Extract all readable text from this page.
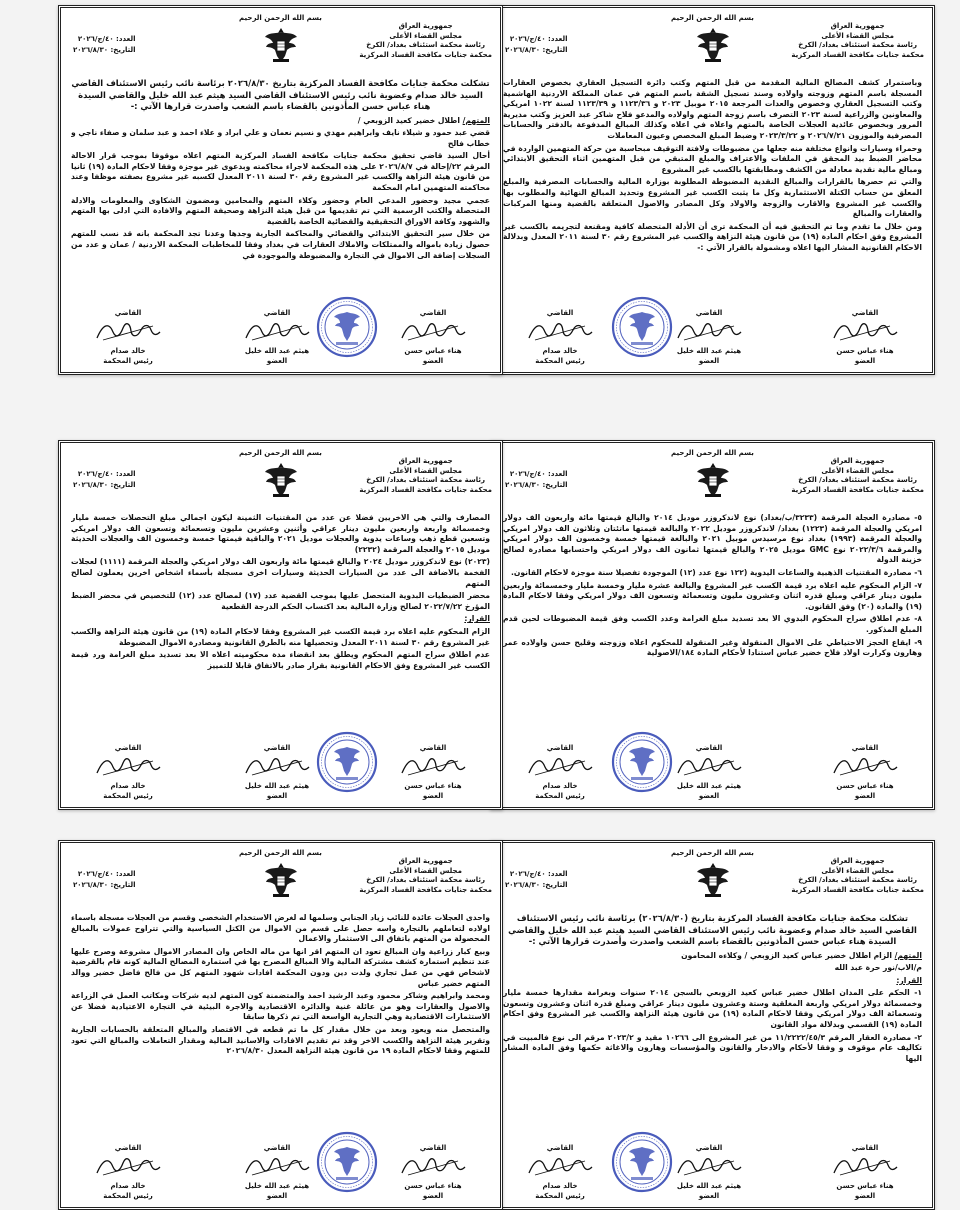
بسم الله الرحمن الرحيم
جمهورية العراق
مجلس القضاء الأعلى
رئاسة محكمة استئناف بغداد/ الكرخ
محكمة جنايات مكافحة الفساد المركزية
العدد: ٤٠/ج/٢٠٢٦
التاريخ: ٢٠٢٦/٨/٣٠

وباستمرار كشف المصالح المالية المقدمة من قبل المتهم وكتب دائرة التسجيل العقاري بخصوص العقارات المسجلة باسم المتهم وزوجته واولاده وسند تسجيل الشقة باسم المتهم في عمان المملكة الاردنية الهاشمية وكتب التسجيل العقاري وخصوص والعدات المرجعة ٢٠١٥ موبيل ٢٠٢٣ و ١١٢٣/٣٦ و ١١٢٣/٣٩ لسنة ١٠٢٢ امريكي والمعاونين والزراعية لسنة ٢٠٢٣ التصرف باسم زوجة المتهم واولاده والمدعو فلاح شاكر عبد العزيز وكتب مديرية المرور وبخصوص عائدية العجلات الخاصة بالمتهم واعلاه في اعلاه وكذلك المبالغ المدفوعة بالدفتر والحسابات المصرفية والموزون ٢٠٢٦/٧/٢١ و ٢٠٢٣/٣/٢٢ وضبط المبلغ المخصص وعيون المعاملات

وحمراء وسيارات وانواع مختلفة منه جعلها من مضبوطات ولافتة التوقيف مبحاسبة من حركة المتهمين الواردة في محاضر الضبط بيد المحقق في الملفات والاعتراف والمبلغ المتبقي من قبل المتهمين اثناء التحقيق الابتدائي ومبالغ مالية نقدية معادلة من الكشف ومطابقتها بالكسب غير المشروع

والتي تم حصرها بالقرارات والمبالغ النقدية المضبوطة المطلوبة بوزارة المالية والحسابات المصرفية والمبلغ المعلق من حساب الكتلة الاستثمارية وكل ما يثبت الكسب غير المشروع وتحديد المبالغ النهائية والمطلوب بها والكسب غير المشروع والاقارب والزوجة والاولاد وكل المصادر والاصول المتعلقة بالقضية ومنها المركبات والعقارات والمبالغ

ومن خلال ما تقدم وما تم التحقيق فيه أن المحكمة ترى أن الأدلة المتحصلة كافية ومقنعة لتجريمه بالكسب غير المشروع وفق احكام المادة (١٩) من قانون هيئة النزاهة والكسب غير المشروع رقم ٣٠ لسنة ٢٠١١ المعدل وبدلالة الاحكام القانونية المشار اليها اعلاه ومشمولة بالقرار الآتي :-

القاضي
هناء عباس حسن
العضو
القاضي
هيثم عبد الله خليل
العضو
القاضي
خالد صدام
رئيس المحكمة
بسم الله الرحمن الرحيم
جمهورية العراق
مجلس القضاء الأعلى
رئاسة محكمة استئناف بغداد/ الكرخ
محكمة جنايات مكافحة الفساد المركزية
العدد: ٤٠/ج/٢٠٢٦
التاريخ: ٢٠٢٦/٨/٣٠
تشكلت محكمة جنايات مكافحة الفساد المركزية بتاريخ ٢٠٢٦/٨/٣٠ برئاسة نائب رئيس الاستئناف القاضي السيد خالد صدام وعضوية نائب رئيس الاستئناف القاضي السيد هيثم عبد الله خليل والقاضي السيدة هناء عباس حسن المأذونين بالقضاء باسم الشعب واصدرت قرارها الآتي :-

المتهم/ اطلال خضير كعيد الزوبعي /

قضي عبد حمود و شيلاء نايف وابراهيم مهدي و نسيم نعمان و علي ابراد و علاء احمد و عبد سلمان و صفاء ناجي و خطاب فالح

أحال السيد قاضي تحقيق محكمة جنايات مكافحة الفساد المركزية المتهم اعلاه موقوفا بموجب قرار الاحالة المرقم ٢٢/إحالة في ٢٠٢٦/٨/٧ على هذه المحكمة لاجراء محاكمته وبدعوى غير موجزة وفقا لاحكام المادة (١٩) ثانيا من قانون هيئة النزاهة والكسب غير المشروع رقم ٣٠ لسنة ٢٠١١ المعدل لكسبه غير مشروع بصفته موظفا وعند محاكمته المتهمين امام المحكمة

عجمي مجيد وحضور المدعي العام وحضور وكلاء المتهم والمحامين ومضمون الشكاوى والمعلومات والادلة المتحصلة والكتب الرسمية التي تم تقديمها من قبل هيئة النزاهة وصحيفة المتهم والافادة التي ادلى بها المتهم والشهود وكافة الاوراق التحقيقية والقضائية الخاصة بالقضية

من خلال سير التحقيق الابتدائي والقضائي والمحاكمة الجارية وجدها وعدنا تجد المحكمة بانه قد نسب للمتهم حصول زيادة بامواله والممتلكات والاملاك العقارات في بغداد وفقا للمخاطبات المحكمة الاردنية / عمان و عدد من السجلات إضافة الى الاموال في التجارة والمضبوطة والموجودة في

القاضي
هناء عباس حسن
العضو
القاضي
هيثم عبد الله خليل
العضو
القاضي
خالد صدام
رئيس المحكمة
بسم الله الرحمن الرحيم
جمهورية العراق
مجلس القضاء الأعلى
رئاسة محكمة استئناف بغداد/ الكرخ
محكمة جنايات مكافحة الفساد المركزية
العدد: ٤٠/ج/٢٠٢٦
التاريخ: ٢٠٢٦/٨/٣٠

٥- مصادرة العجلة المرقمة (٣٢٣٣/ب/بغداد) نوع لاندكروزر موديل ٢٠١٤ والبالغ قيمتها مائة واربعون الف دولار امريكي والعجلة المرقمة (١٢٢٣) بغداد/ لاندكروزر موديل ٢٠٢٢ والبالغة قيمتها ماتئتان وثلاثون الف دولار امريكي والعجلة المرقمة (١٩٩٣) بغداد نوع مرسيدس موبيل ٢٠٢١ والبالغة قيمتها خمسة وخمسون الف دولار امريكي والمرقمة ٢٠٢٢/٣/٦ نوع GMC موديل ٢٠٢٥ والبالغ قيمتها ثمانون الف دولار امريكي واحتسابها مصادرة لصالح خزينة الدولة

٦- مصادرة المقتنيات الذهبية والساعات اليدوية (١٢٢ نوع عدد (١٢) الموجودة تفصيلا سنة موجزة لاحكام القانون.

٧- الزام المحكوم عليه اعلاه برد قيمة الكسب غير المشروع والبالغة عشرة مليار وخمسة مليار وخمسمائة واربعين مليون دينار عراقي ومبلغ قدره اثنان وعشرون مليون وتسعمائة وتسعون الف دولار امريكي وفقا لاحكام المادة (١٩) والمادة (٢٠) وفق القانون.

٨- عدم اطلاق سراح المحكوم البدوي الا بعد تسديد مبلغ الغرامة وعدد الكسب وفق قيمة المضبوطات لحين قدم المبلغ المذكور.

٩- ايقاع الحجز الاحتياطي على الاموال المنقولة وغير المنقولة للمحكوم اعلاه وزوجته وقليح حسن واولاده عمر وهارون وكرارت اولاد فلاح خضير عباس استنادا لأحكام المادة ١٨٤/الاصولية

القاضي
هناء عباس حسن
العضو
القاضي
هيثم عبد الله خليل
العضو
القاضي
خالد صدام
رئيس المحكمة
بسم الله الرحمن الرحيم
جمهورية العراق
مجلس القضاء الأعلى
رئاسة محكمة استئناف بغداد/ الكرخ
محكمة جنايات مكافحة الفساد المركزية
العدد: ٤٠/ج/٢٠٢٦
التاريخ: ٢٠٢٦/٨/٣٠

المصارف والتي هي الاخريين فضلا عن عدد من المقتنيات الثمينة ليكون اجمالي مبلغ التحصلات خمسة مليار وخمسمائة واربعة واربعين مليون دينار عراقي وأثنين وعشرين مليون وتسعمائة وتسعون الف دولار امريكي وتسعين قطع ذهب وساعات يدوية والعجلات موديل ٢٠٢١ والباقية فيمتها خمسة وخمسون الف والعجلات الحديثة موديل ٢٠١٥ والعجلة المرقمة (٢٢٣٢)

(٢٠٢٣) نوع لاندكروزر موديل ٢٠٢٤ والبالغ قيمتها مائة واربعون الف دولار امريكي والعجلة المرقمة (١١١١) لعجلات الفخمة بالاضافة الى عدد من السيارات الحديثة وسيارات اخرى مسجلة بأسماء اشخاص اخرين يعملون لصالح المتهم

محضر الضبطيات البدوية المتحصل عليها بموجب القضية عدد (١٧) لمصالح عدد (١٢) للتخصيص في محضر الضبط المؤرخ ٢٠٢٢/٧/٢٢ لصالح وزارة المالية بعد اكتساب الحكم الدرجة القطعية

القرار:

الزام المحكوم عليه اعلاه برد قيمة الكسب غير المشروع وفقا لاحكام المادة (١٩) من قانون هيئة النزاهة والكسب غير المشروع رقم ٣٠ لسنة ٢٠١١ المعدل وتحصيلها منه بالطرق القانونية ومصادرة الاموال المضبوطة

عدم اطلاق سراح المتهم المحكوم ويطلق بعد انقضاء مدة محكوميته اعلاه الا بعد تسديد مبلغ الغرامة ورد قيمة الكسب غير المشروع وفق الاحكام القانونية بقرار صادر بالاتفاق قابلا للتمييز

القاضي
هناء عباس حسن
العضو
القاضي
هيثم عبد الله خليل
العضو
القاضي
خالد صدام
رئيس المحكمة
بسم الله الرحمن الرحيم
جمهورية العراق
مجلس القضاء الأعلى
رئاسة محكمة استئناف بغداد/ الكرخ
محكمة جنايات مكافحة الفساد المركزية
العدد: ٤٠/ج/٢٠٢٦
التاريخ: ٢٠٢٦/٨/٣٠
تشكلت محكمة جنايات مكافحة الفساد المركزية بتاريخ (٢٠٢٦/٨/٣٠) برئاسة نائب رئيس الاستئناف القاضي السيد خالد صدام وعضوية نائب رئيس الاستئناف القاضي السيد هيثم عبد الله خليل والقاضي السيدة هناء عباس حسن المأذونين بالقضاء باسم الشعب واصدرت وأصدرت قرارها الآتي :-

المتهم/ الزام اطلال خضير عباس كعيد الزوبعي / وكلاءه المحامون

م/الاب/نور حرة عبد الله

القرار:

١- الحكم على المدان اطلال خضير عباس كعيد الزوبعي بالسجن ٢٠١٤ سنوات وبغرامة مقدارها خمسة مليار وخمسمائة دولار امريكي واربعة المغلقية وستة وعشرون مليون دينار عراقي ومبلغ قدرة اثنان وعشرون وتسعون وتسعمائة الف دولار امريكي وفقا لاحكام المادة (١٩) من قانون هيئة النزاهة والكسب غير المشروع وفق احكام المادة (١٩) القسمي وبدلالة مواد القانون

٢- مصادرة العقار المرقم ١١/٢٢٢٢/٤٥/٣ من غير المشروع الى ١٠٢٦٦ مقيد و ٢٠٢٣/٢ مرقم الى نوع فالمبيت في تكاليف عام موقوف و وفقا لأحكام والادخار والقانون والمؤسسات وهارون والاغاثة حكمها وفق المادة المشار اليها

القاضي
هناء عباس حسن
العضو
القاضي
هيثم عبد الله خليل
العضو
القاضي
خالد صدام
رئيس المحكمة
بسم الله الرحمن الرحيم
جمهورية العراق
مجلس القضاء الأعلى
رئاسة محكمة استئناف بغداد/ الكرخ
محكمة جنايات مكافحة الفساد المركزية
العدد: ٤٠/ج/٢٠٢٦
التاريخ: ٢٠٢٦/٨/٣٠

واحدى العجلات عائدة للنائب زياد الجنابي وسلمها له لغرض الاستخدام الشخصي وقسم من العجلات مسجلة باسماء اولاده لتعاملهم بالتجارة واسه حصل على قسم من الاموال من الكتل السياسية والتي تتراوح عمولات بالمبالغ المحصولة من المتهم باتفاق الى الاستثمار والاعمال

وبيع كبار زراعية وان المبالغ تعود ان المتهم اقر انها من ماله الخاص وان المصادر الاموال مشروعة وصرح عليها عند تنظيم استمارة كشف مشتركة المالية والا المبالغ المصرح بها في استمارة المصالح المالية كونه قام بالقرضية لاشخاص فهي من عمل تجاري ولدت دين ودون المحكمة افادات شهود المتهم كل من فالح فاضل خضير ووالد المتهم خضير عباس

ومحمد وابراهيم وشاكر محمود وعبد الرشيد احمد والمتضمنة كون المتهم لديه شركات ومكاتب العمل في الزراعة والاصول والعقارات وهو من عائلة غنية والدائرة الاقتصادية والاجرة البيئية في التجارة الاعتيادية فضلا عن الاستثمارات الاقتصادية وهي التجارية الواسعة التي تم ذكرها سابقا

والمتحصل منه ويعود وبعد من خلال مقدار كل ما تم قطعه في الاقتصاد والمبالغ المتعلقة بالحسابات الجارية وتقرير هيئة النزاهة والكسب الاخر وقد تم تقديم الافادات والاسانيد المالية ومقدار التعاملات والمبالغ التي تعود للمتهم وفقا لاحكام المادة ١٩ من قانون هيئة النزاهة المعدل ٢٠٢٦/٨/٣٠

القاضي
هناء عباس حسن
العضو
القاضي
هيثم عبد الله خليل
العضو
القاضي
خالد صدام
رئيس المحكمة
